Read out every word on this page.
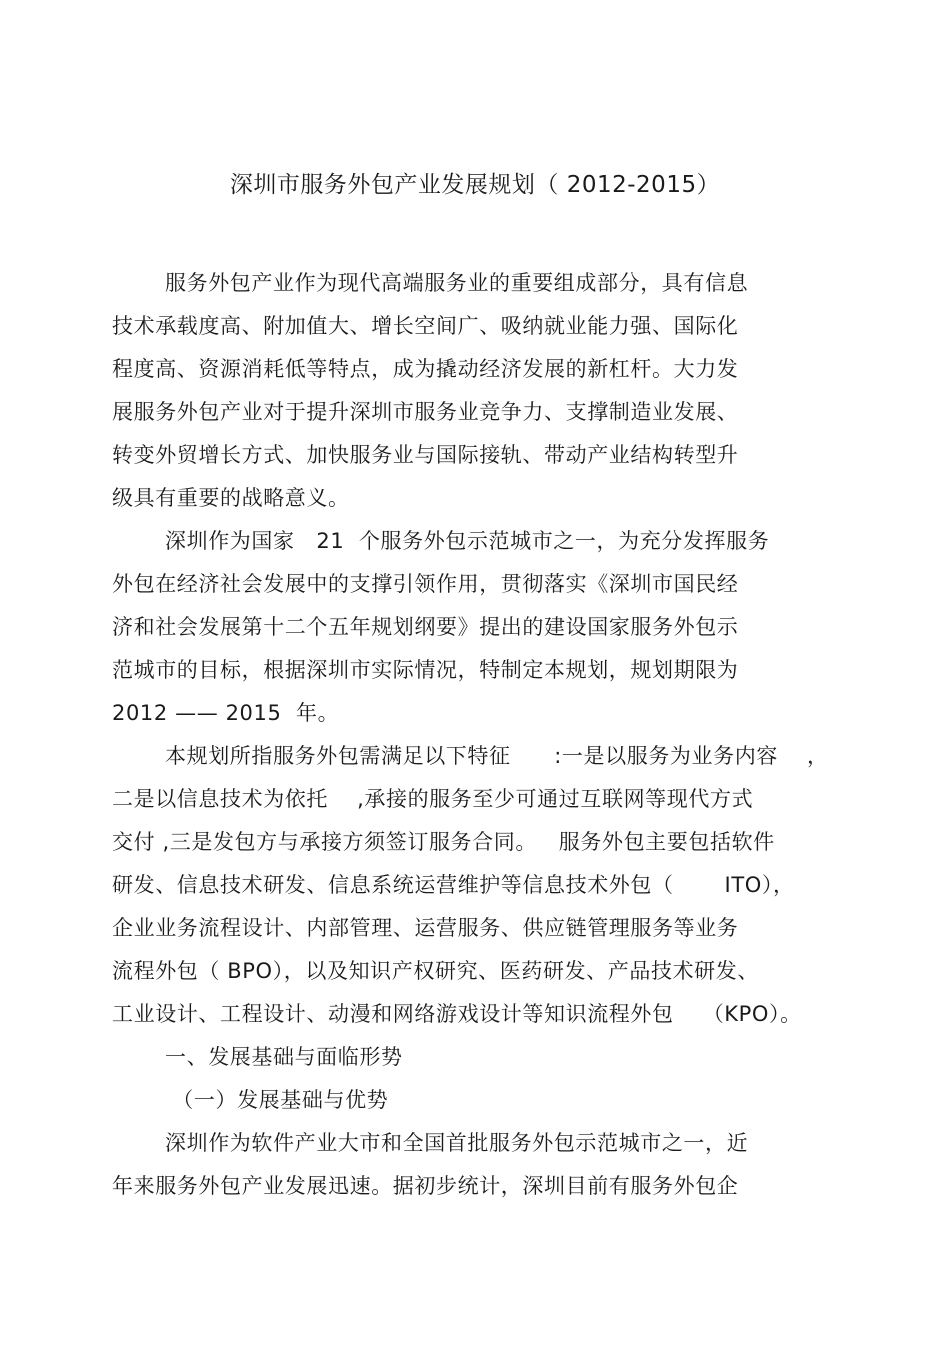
深圳市服务外包产业发展规划（ 2012-2015）
服务外包产业作为现代高端服务业的重要组成部分，具有信息
技术承载度高、附加值大、增长空间广、吸纳就业能力强、国际化
程度高、资源消耗低等特点，成为撬动经济发展的新杠杆。大力发
展服务外包产业对于提升深圳市服务业竞争力、支撑制造业发展、
转变外贸增长方式、加快服务业与国际接轨、带动产业结构转型升
级具有重要的战略意义。
深圳作为国家   21  个服务外包示范城市之一，为充分发挥服务
外包在经济社会发展中的支撑引领作用，贯彻落实《深圳市国民经
济和社会发展第十二个五年规划纲要》提出的建设国家服务外包示
范城市的目标，根据深圳市实际情况，特制定本规划，规划期限为
2012 —— 2015  年。
本规划所指服务外包需满足以下特征      :一是以服务为业务内容    ，
二是以信息技术为依托    ,承接的服务至少可通过互联网等现代方式
交付 ,三是发包方与承接方须签订服务合同。   服务外包主要包括软件
研发、信息技术研发、信息系统运营维护等信息技术外包（       ITO），
企业业务流程设计、内部管理、运营服务、供应链管理服务等业务
流程外包（ BPO），以及知识产权研究、医药研发、产品技术研发、
工业设计、工程设计、动漫和网络游戏设计等知识流程外包    （KPO）。
一、发展基础与面临形势
（一）发展基础与优势
深圳作为软件产业大市和全国首批服务外包示范城市之一，近
年来服务外包产业发展迅速。据初步统计，深圳目前有服务外包企
